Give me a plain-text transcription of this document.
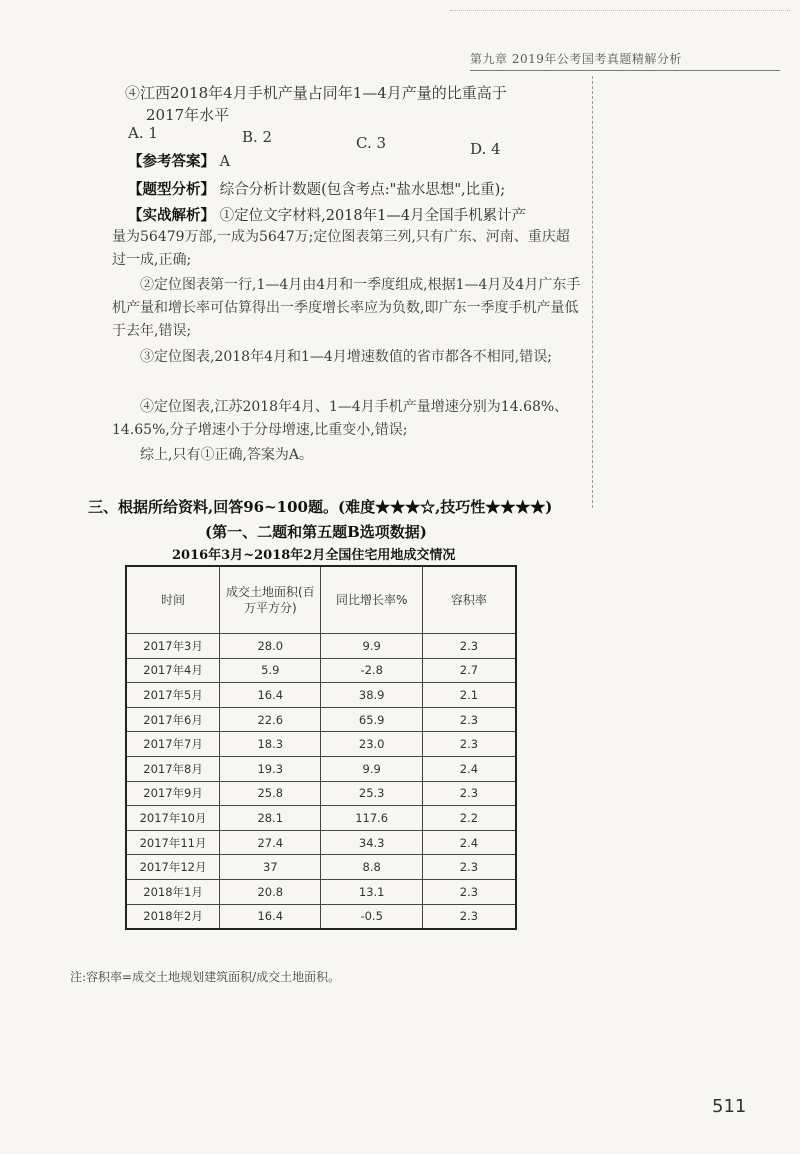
第九章 2019年公考国考真题精解分析
④江西2018年4月手机产量占同年1—4月产量的比重高于
2017年水平
A. 1	B. 2	C. 3	D. 4
【参考答案】 A
【题型分析】 综合分析计数题(包含考点:"盐水思想",比重);
【实战解析】 ①定位文字材料,2018年1—4月全国手机累计产
量为56479万部,一成为5647万;定位图表第三列,只有广东、河南、重庆超过一成,正确;
②定位图表第一行,1—4月由4月和一季度组成,根据1—4月及4月广东手机产量和增长率可估算得出一季度增长率应为负数,即广东一季度手机产量低于去年,错误;
③定位图表,2018年4月和1—4月增速数值的省市都各不相同,错误;
④定位图表,江苏2018年4月、1—4月手机产量增速分别为14.68%、14.65%,分子增速小于分母增速,比重变小,错误;
综上,只有①正确,答案为A。
三、根据所给资料,回答96~100题。(难度★★★☆,技巧性★★★★)
(第一、二题和第五题B选项数据)
2016年3月~2018年2月全国住宅用地成交情况
时间	成交土地面积(百万平方分)	同比增长率%	容积率
2017年3月	28.0	9.9	2.3
2017年4月	5.9	-2.8	2.7
2017年5月	16.4	38.9	2.1
2017年6月	22.6	65.9	2.3
2017年7月	18.3	23.0	2.3
2017年8月	19.3	9.9	2.4
2017年9月	25.8	25.3	2.3
2017年10月	28.1	117.6	2.2
2017年11月	27.4	34.3	2.4
2017年12月	37	8.8	2.3
2018年1月	20.8	13.1	2.3
2018年2月	16.4	-0.5	2.3
注:容积率=成交土地规划建筑面积/成交土地面积。
511
